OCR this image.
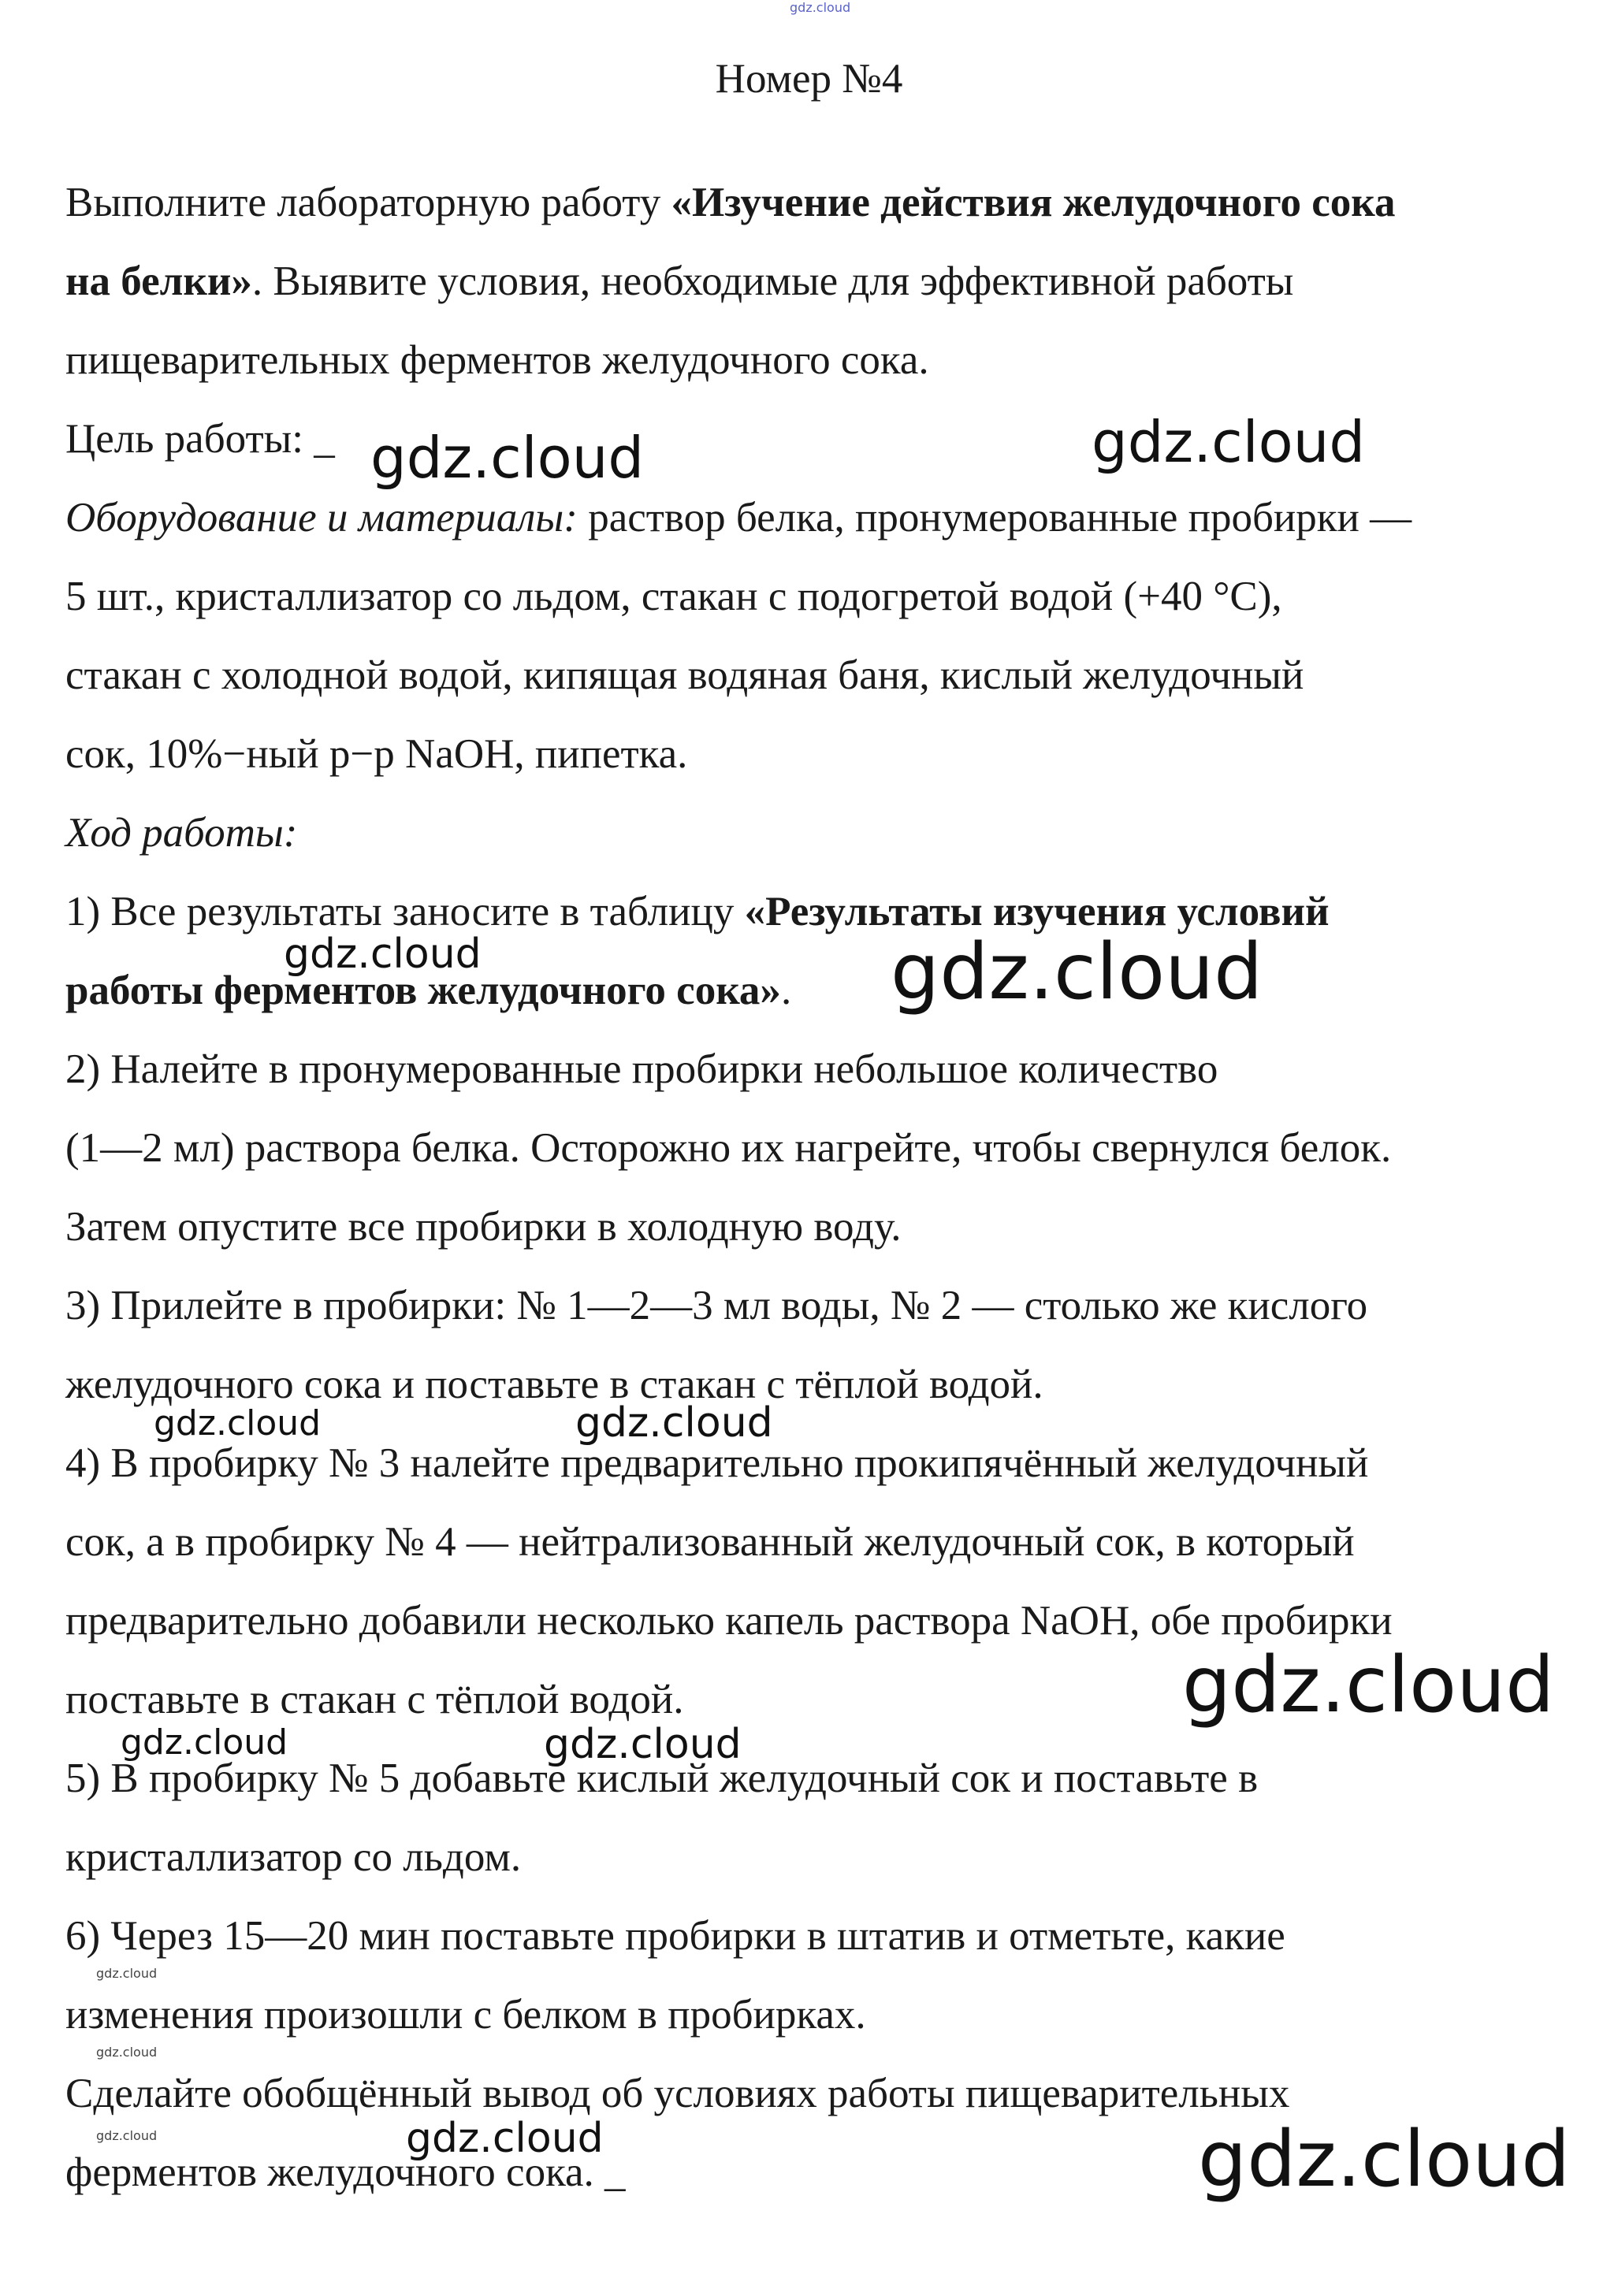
gdz.cloud
Номер №4
Выполните лабораторную работу «Изучение действия желудочного сока
на белки». Выявите условия, необходимые для эффективной работы
пищеварительных ферментов желудочного сока.
Цель работы: _
Оборудование и материалы: раствор белка, пронумерованные пробирки —
5 шт., кристаллизатор со льдом, стакан с подогретой водой (+40 °C),
стакан с холодной водой, кипящая водяная баня, кислый желудочный
сок, 10%−ный р−р NaOH, пипетка.
Ход работы:
1) Все результаты заносите в таблицу «Результаты изучения условий
работы ферментов желудочного сока».
2) Налейте в пронумерованные пробирки небольшое количество
(1—2 мл) раствора белка. Осторожно их нагрейте, чтобы свернулся белок.
Затем опустите все пробирки в холодную воду.
3) Прилейте в пробирки: № 1—2—3 мл воды, № 2 — столько же кислого
желудочного сока и поставьте в стакан с тёплой водой.
4) В пробирку № 3 налейте предварительно прокипячённый желудочный
сок, а в пробирку № 4 — нейтрализованный желудочный сок, в который
предварительно добавили несколько капель раствора NaOH, обе пробирки
поставьте в стакан с тёплой водой.
5) В пробирку № 5 добавьте кислый желудочный сок и поставьте в
кристаллизатор со льдом.
6) Через 15—20 мин поставьте пробирки в штатив и отметьте, какие
изменения произошли с белком в пробирках.
Сделайте обобщённый вывод об условиях работы пищеварительных
ферментов желудочного сока. _
gdz.cloud	gdz.cloud
gdz.cloud	gdz.cloud
gdz.cloud	gdz.cloud
gdz.cloud
gdz.cloud	gdz.cloud
gdz.cloud
gdz.cloud
gdz.cloud	gdz.cloud	gdz.cloud
